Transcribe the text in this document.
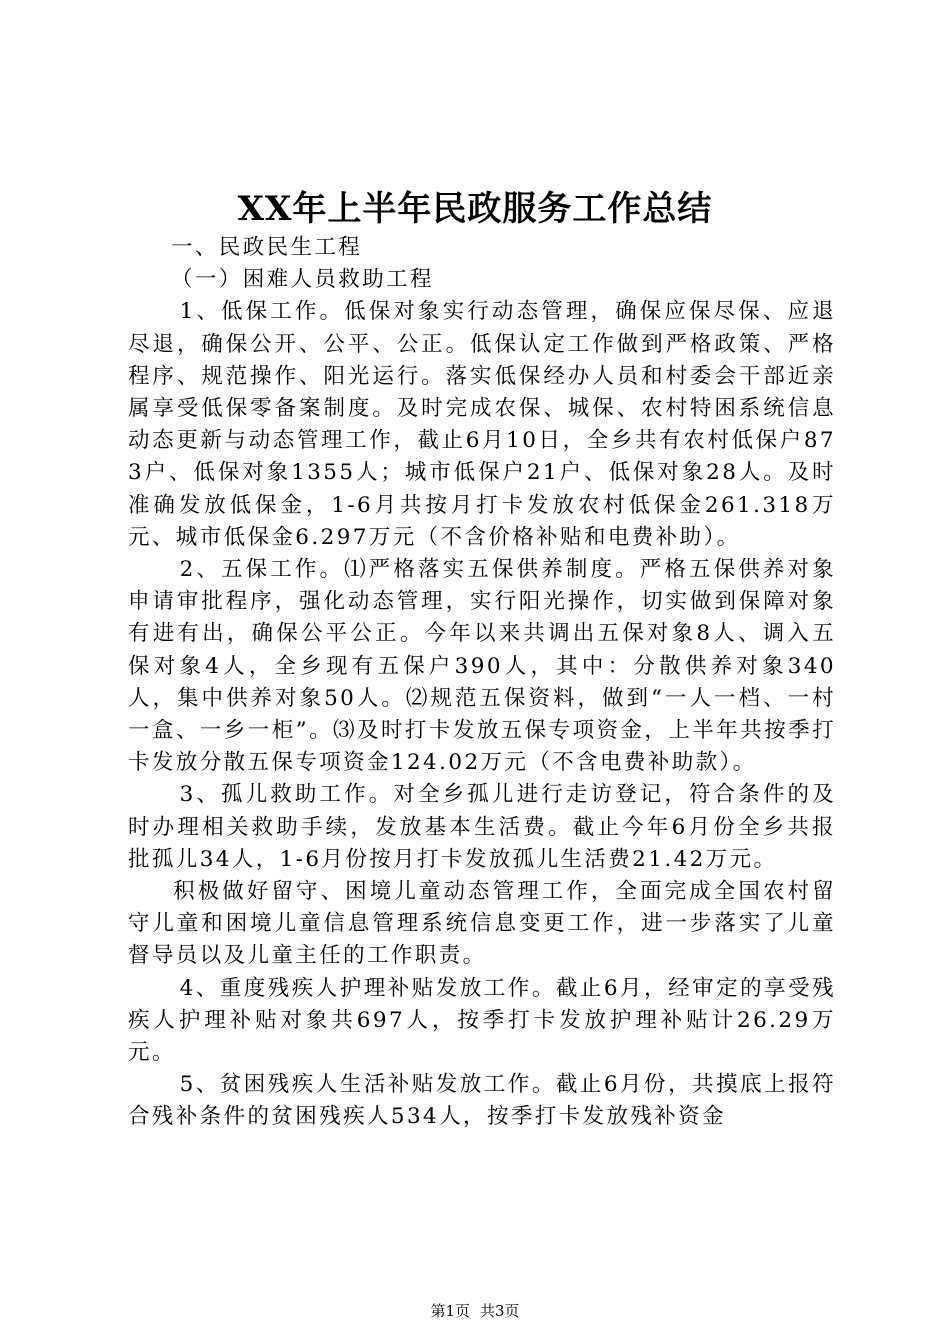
XX年上半年民政服务工作总结

一、民政民生工程

（一）困难人员救助工程

1、低保工作。低保对象实行动态管理，确保应保尽保、应退尽退，确保公开、公平、公正。低保认定工作做到严格政策、严格程序、规范操作、阳光运行。落实低保经办人员和村委会干部近亲属享受低保零备案制度。及时完成农保、城保、农村特困系统信息动态更新与动态管理工作，截止6月10日，全乡共有农村低保户873户、低保对象1355人；城市低保户21户、低保对象28人。及时准确发放低保金，1-6月共按月打卡发放农村低保金261.318万元、城市低保金6.297万元（不含价格补贴和电费补助）。

2、五保工作。⑴严格落实五保供养制度。严格五保供养对象申请审批程序，强化动态管理，实行阳光操作，切实做到保障对象有进有出，确保公平公正。今年以来共调出五保对象8人、调入五保对象4人，全乡现有五保户390人，其中：分散供养对象340人，集中供养对象50人。⑵规范五保资料，做到“一人一档、一村一盒、一乡一柜”。⑶及时打卡发放五保专项资金，上半年共按季打卡发放分散五保专项资金124.02万元（不含电费补助款）。

3、孤儿救助工作。对全乡孤儿进行走访登记，符合条件的及时办理相关救助手续，发放基本生活费。截止今年6月份全乡共报批孤儿34人，1-6月份按月打卡发放孤儿生活费21.42万元。

积极做好留守、困境儿童动态管理工作，全面完成全国农村留守儿童和困境儿童信息管理系统信息变更工作，进一步落实了儿童督导员以及儿童主任的工作职责。

4、重度残疾人护理补贴发放工作。截止6月，经审定的享受残疾人护理补贴对象共697人，按季打卡发放护理补贴计26.29万元。

5、贫困残疾人生活补贴发放工作。截止6月份，共摸底上报符合残补条件的贫困残疾人534人，按季打卡发放残补资金

第1页 共3页
